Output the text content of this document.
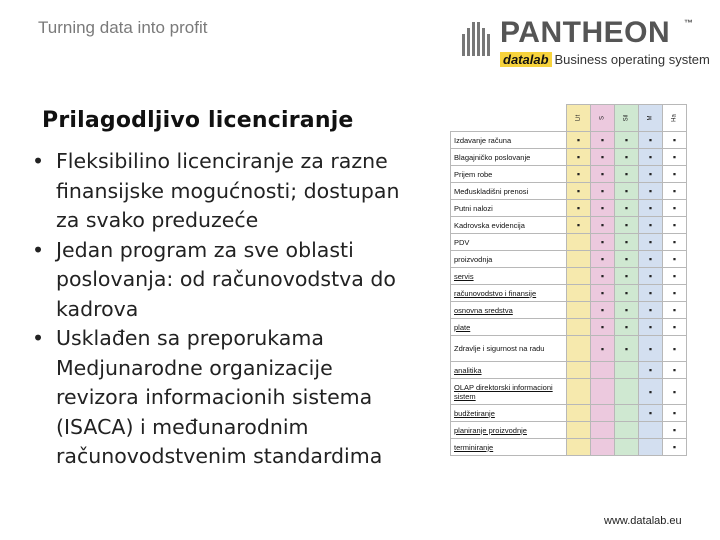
Turning data into profit	PANTHEON ™
datalab Business operating system
Prilagodljivo licenciranje
• Fleksibilino licenciranje za razne finansijske mogućnosti; dostupan za svako preduzeće
• Jedan program za sve oblasti poslovanja: od računovodstva do kadrova
• Usklađen sa preporukama Medjunarodne organizacije revizora informacionih sistema (ISACA) i međunarodnim računovodstvenim standardima

	Lit	S	Sil	M	Ha

Izdavanje računa	▪	▪	▪	▪	▪
Blagajničko poslovanje	▪	▪	▪	▪	▪
Prijem robe	▪	▪	▪	▪	▪
Međuskladišni prenosi	▪	▪	▪	▪	▪
Putni nalozi	▪	▪	▪	▪	▪
Kadrovska evidencija	▪	▪	▪	▪	▪
PDV		▪	▪	▪	▪
proizvodnja		▪	▪	▪	▪
servis		▪	▪	▪	▪
računovodstvo i finansije		▪	▪	▪	▪
osnovna sredstva		▪	▪	▪	▪
plate		▪	▪	▪	▪
Zdravlje i sigurnost na radu		▪	▪	▪	▪
analitika				▪	▪
OLAP direktorski informacioni sistem				▪	▪
budžetiranje				▪	▪
planiranje proizvodnje					▪
terminiranje					▪
www.datalab.eu
